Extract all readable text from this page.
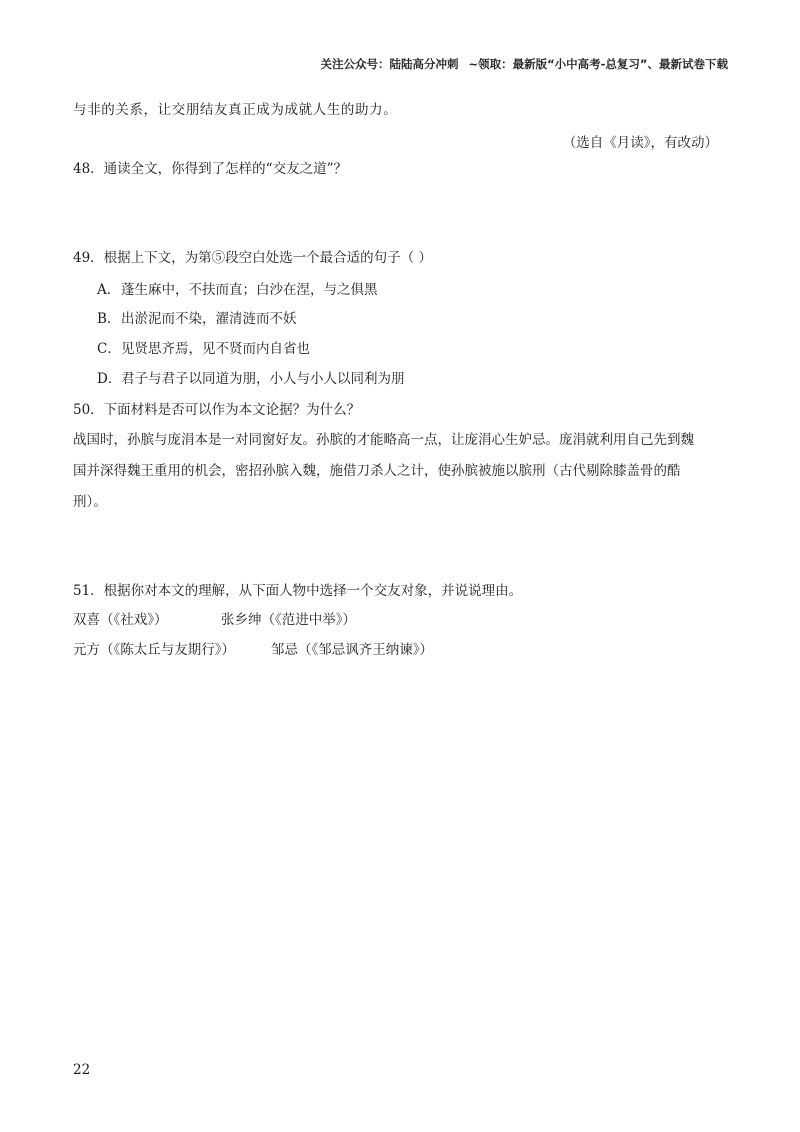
关注公众号：陆陆高分冲刺 ~领取：最新版“小中高考-总复习”、最新试卷下载
与非的关系，让交朋结友真正成为成就人生的助力。
（选自《月读》，有改动）
48．通读全文，你得到了怎样的“交友之道”？
49．根据上下文，为第⑤段空白处选一个最合适的句子（ ）
A．蓬生麻中，不扶而直；白沙在涅，与之俱黑
B．出淤泥而不染，濯清涟而不妖
C．见贤思齐焉，见不贤而内自省也
D．君子与君子以同道为朋，小人与小人以同利为朋
50．下面材料是否可以作为本文论据？为什么？
战国时，孙膑与庞涓本是一对同窗好友。孙膑的才能略高一点，让庞涓心生妒忌。庞涓就利用自己先到魏
国并深得魏王重用的机会，密招孙膑入魏，施借刀杀人之计，使孙膑被施以膑刑（古代剔除膝盖骨的酷
刑）。
51．根据你对本文的理解，从下面人物中选择一个交友对象，并说说理由。
双喜（《社戏》）	张乡绅（《范进中举》）
元方（《陈太丘与友期行》）	邹忌（《邹忌讽齐王纳谏》）
22
